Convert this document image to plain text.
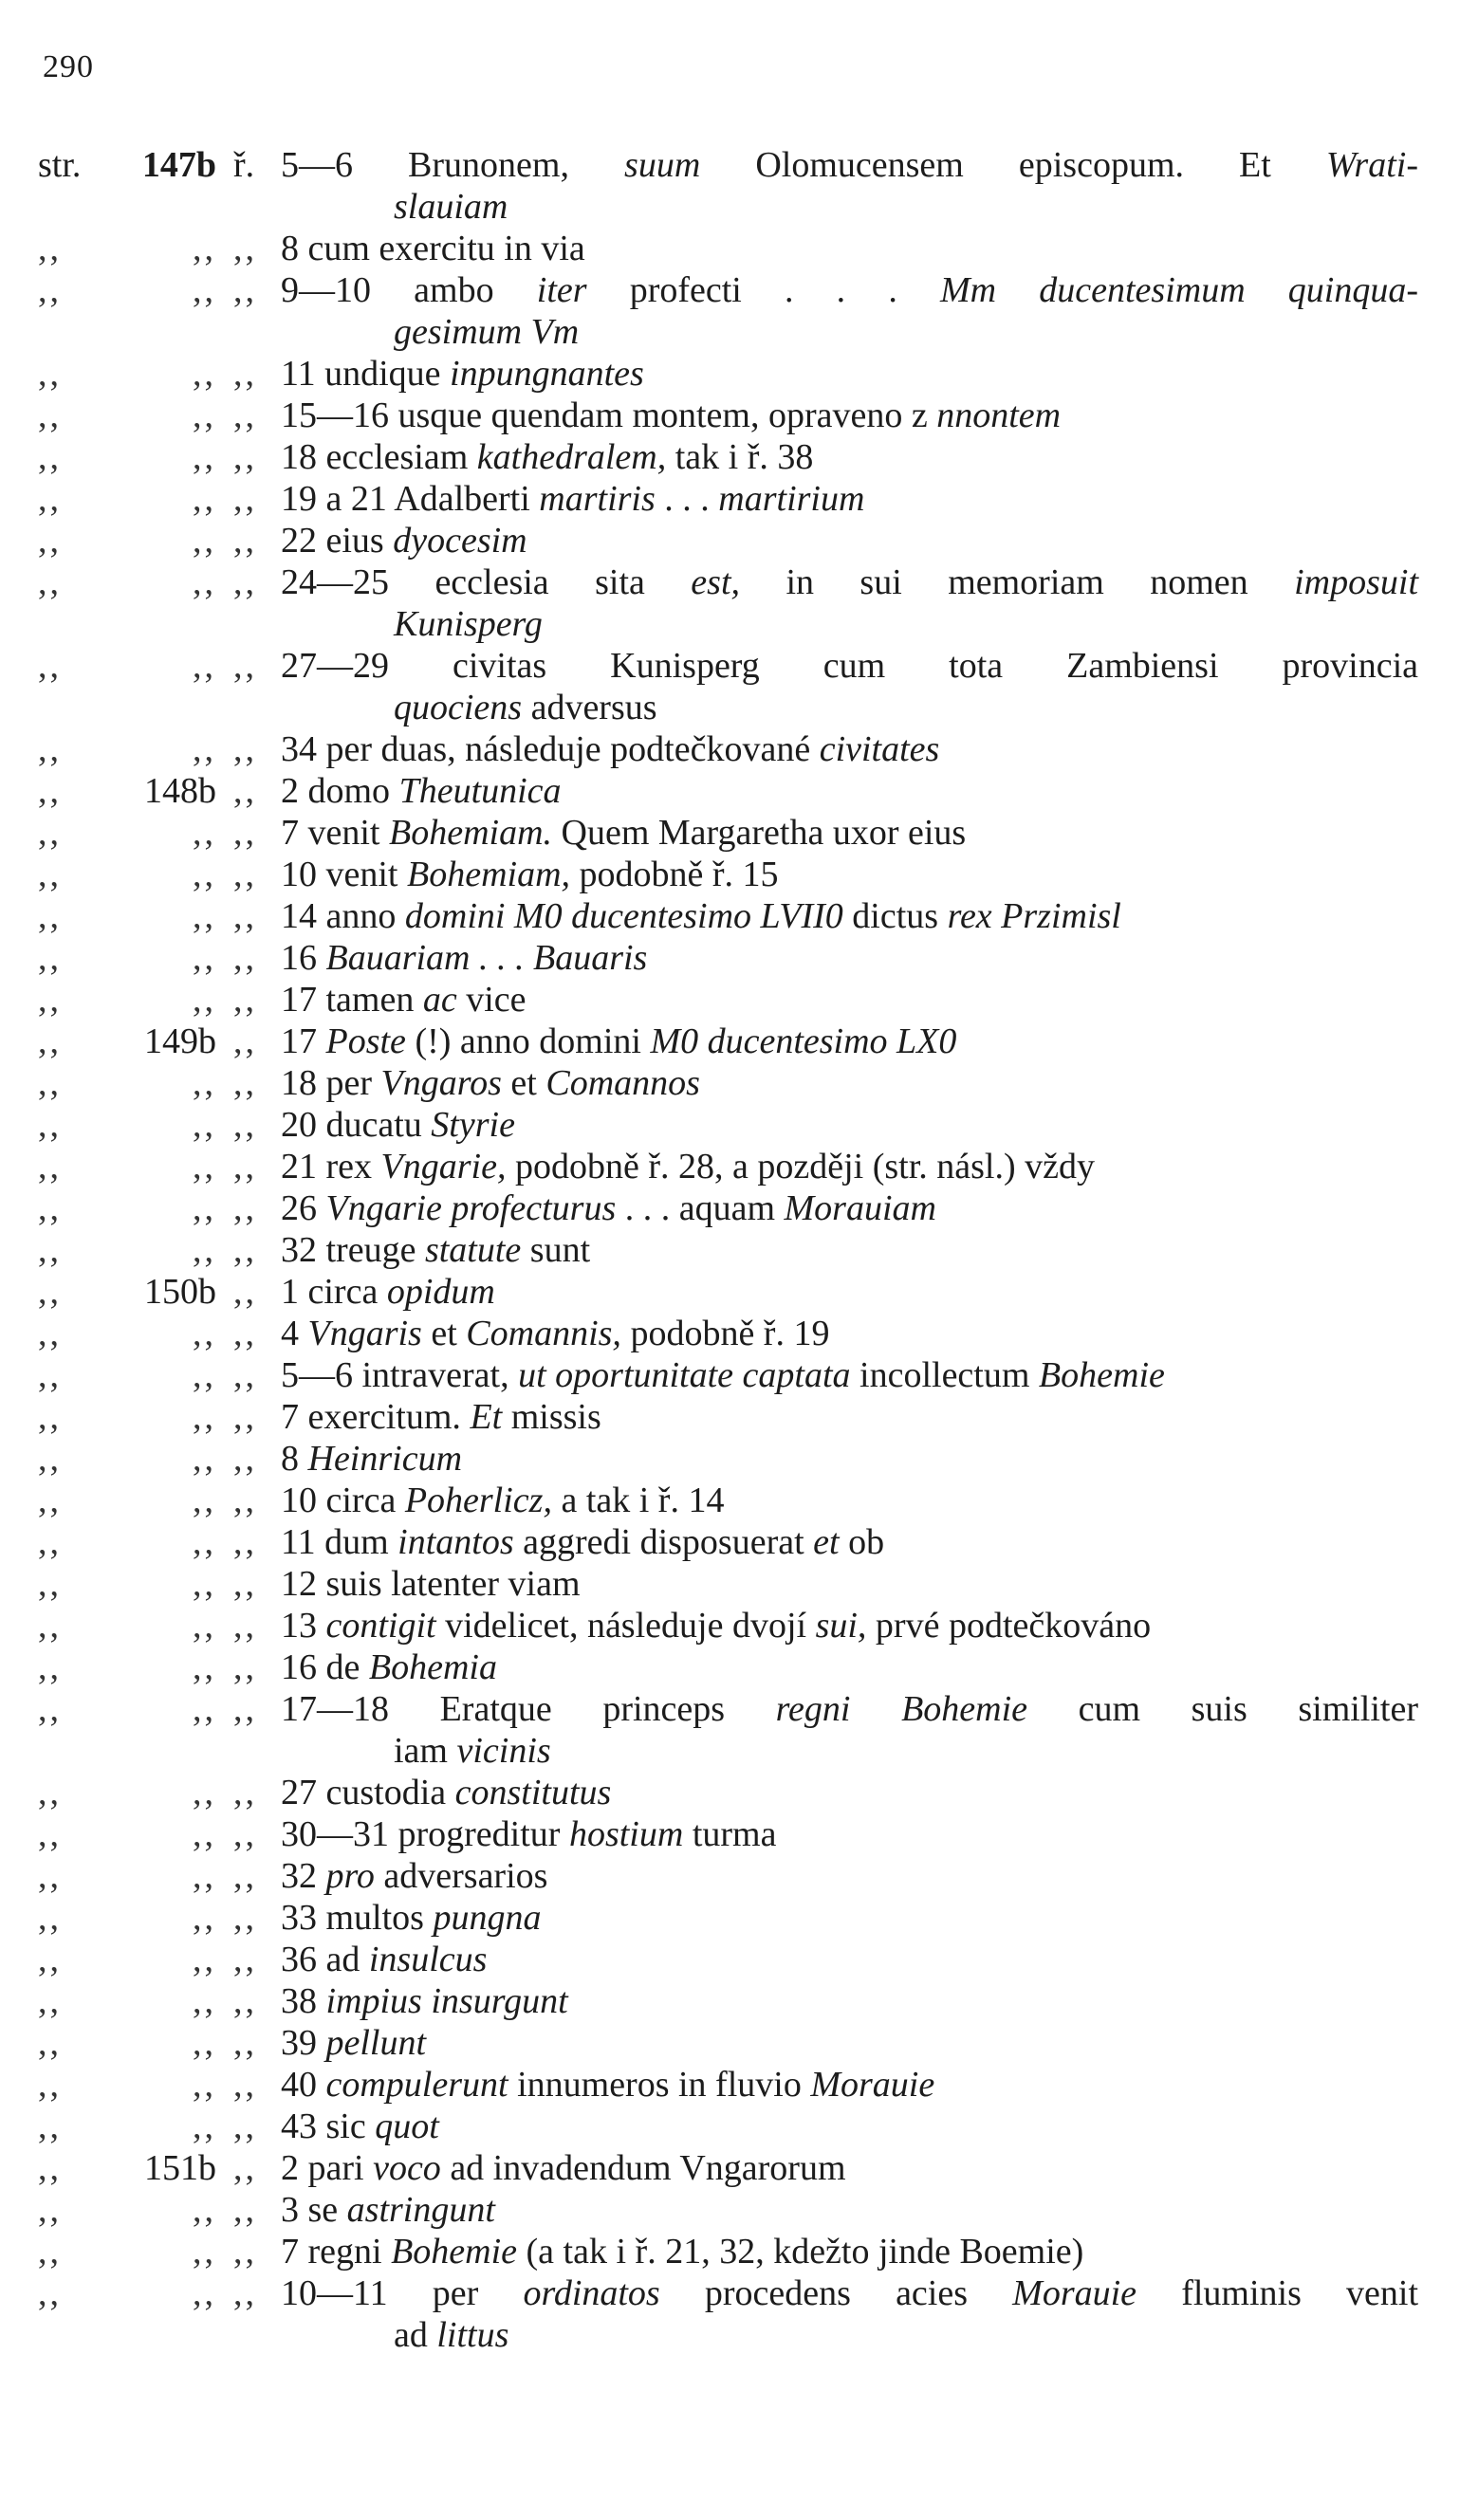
290
str.	147b ř. 5—6 Brunonem, suum Olomucensem episcopum. Et Wrati-
slauiam
,,	,, ,, 8 cum exercitu in via
,,	,, ,, 9—10 ambo iter profecti . . . Mm ducentesimum quinqua-
gesimum Vm
,,	,, ,, 11 undique inpungnantes
,,	,, ,, 15—16 usque quendam montem, opraveno z nnontem
,,	,, ,, 18 ecclesiam kathedralem, tak i ř. 38
,,	,, ,, 19 a 21 Adalberti martiris . . . martirium
,,	,, ,, 22 eius dyocesim
,,	,, ,, 24—25 ecclesia sita est, in sui memoriam nomen imposuit
Kunisperg
,,	,, ,, 27—29 civitas Kunisperg cum tota Zambiensi provincia
quociens adversus
,,	,, ,, 34 per duas, následuje podtečkované civitates
,,	148b ,, 2 domo Theutunica
,,	,, ,, 7 venit Bohemiam. Quem Margaretha uxor eius
,,	,, ,, 10 venit Bohemiam, podobně ř. 15
,,	,, ,, 14 anno domini M0 ducentesimo LVII0 dictus rex Przimisl
,,	,, ,, 16 Bauariam . . . Bauaris
,,	,, ,, 17 tamen ac vice
,,	149b ,, 17 Poste (!) anno domini M0 ducentesimo LX0
,,	,, ,, 18 per Vngaros et Comannos
,,	,, ,, 20 ducatu Styrie
,,	,, ,, 21 rex Vngarie, podobně ř. 28, a později (str. násl.) vždy
,,	,, ,, 26 Vngarie profecturus . . . aquam Morauiam
,,	,, ,, 32 treuge statute sunt
,,	150b ,, 1 circa opidum
,,	,, ,, 4 Vngaris et Comannis, podobně ř. 19
,,	,, ,, 5—6 intraverat, ut oportunitate captata incollectum Bohemie
,,	,, ,, 7 exercitum. Et missis
,,	,, ,, 8 Heinricum
,,	,, ,, 10 circa Poherlicz, a tak i ř. 14
,,	,, ,, 11 dum intantos aggredi disposuerat et ob
,,	,, ,, 12 suis latenter viam
,,	,, ,, 13 contigit videlicet, následuje dvojí sui, prvé podtečkováno
,,	,, ,, 16 de Bohemia
,,	,, ,, 17—18 Eratque princeps regni Bohemie cum suis similiter
iam vicinis
,,	,, ,, 27 custodia constitutus
,,	,, ,, 30—31 progreditur hostium turma
,,	,, ,, 32 pro adversarios
,,	,, ,, 33 multos pungna
,,	,, ,, 36 ad insulcus
,,	,, ,, 38 impius insurgunt
,,	,, ,, 39 pellunt
,,	,, ,, 40 compulerunt innumeros in fluvio Morauie
,,	,, ,, 43 sic quot
,,	151b ,, 2 pari voco ad invadendum Vngarorum
,,	,, ,, 3 se astringunt
,,	,, ,, 7 regni Bohemie (a tak i ř. 21, 32, kdežto jinde Boemie)
,,	,, ,, 10—11 per ordinatos procedens acies Morauie fluminis venit
ad littus
